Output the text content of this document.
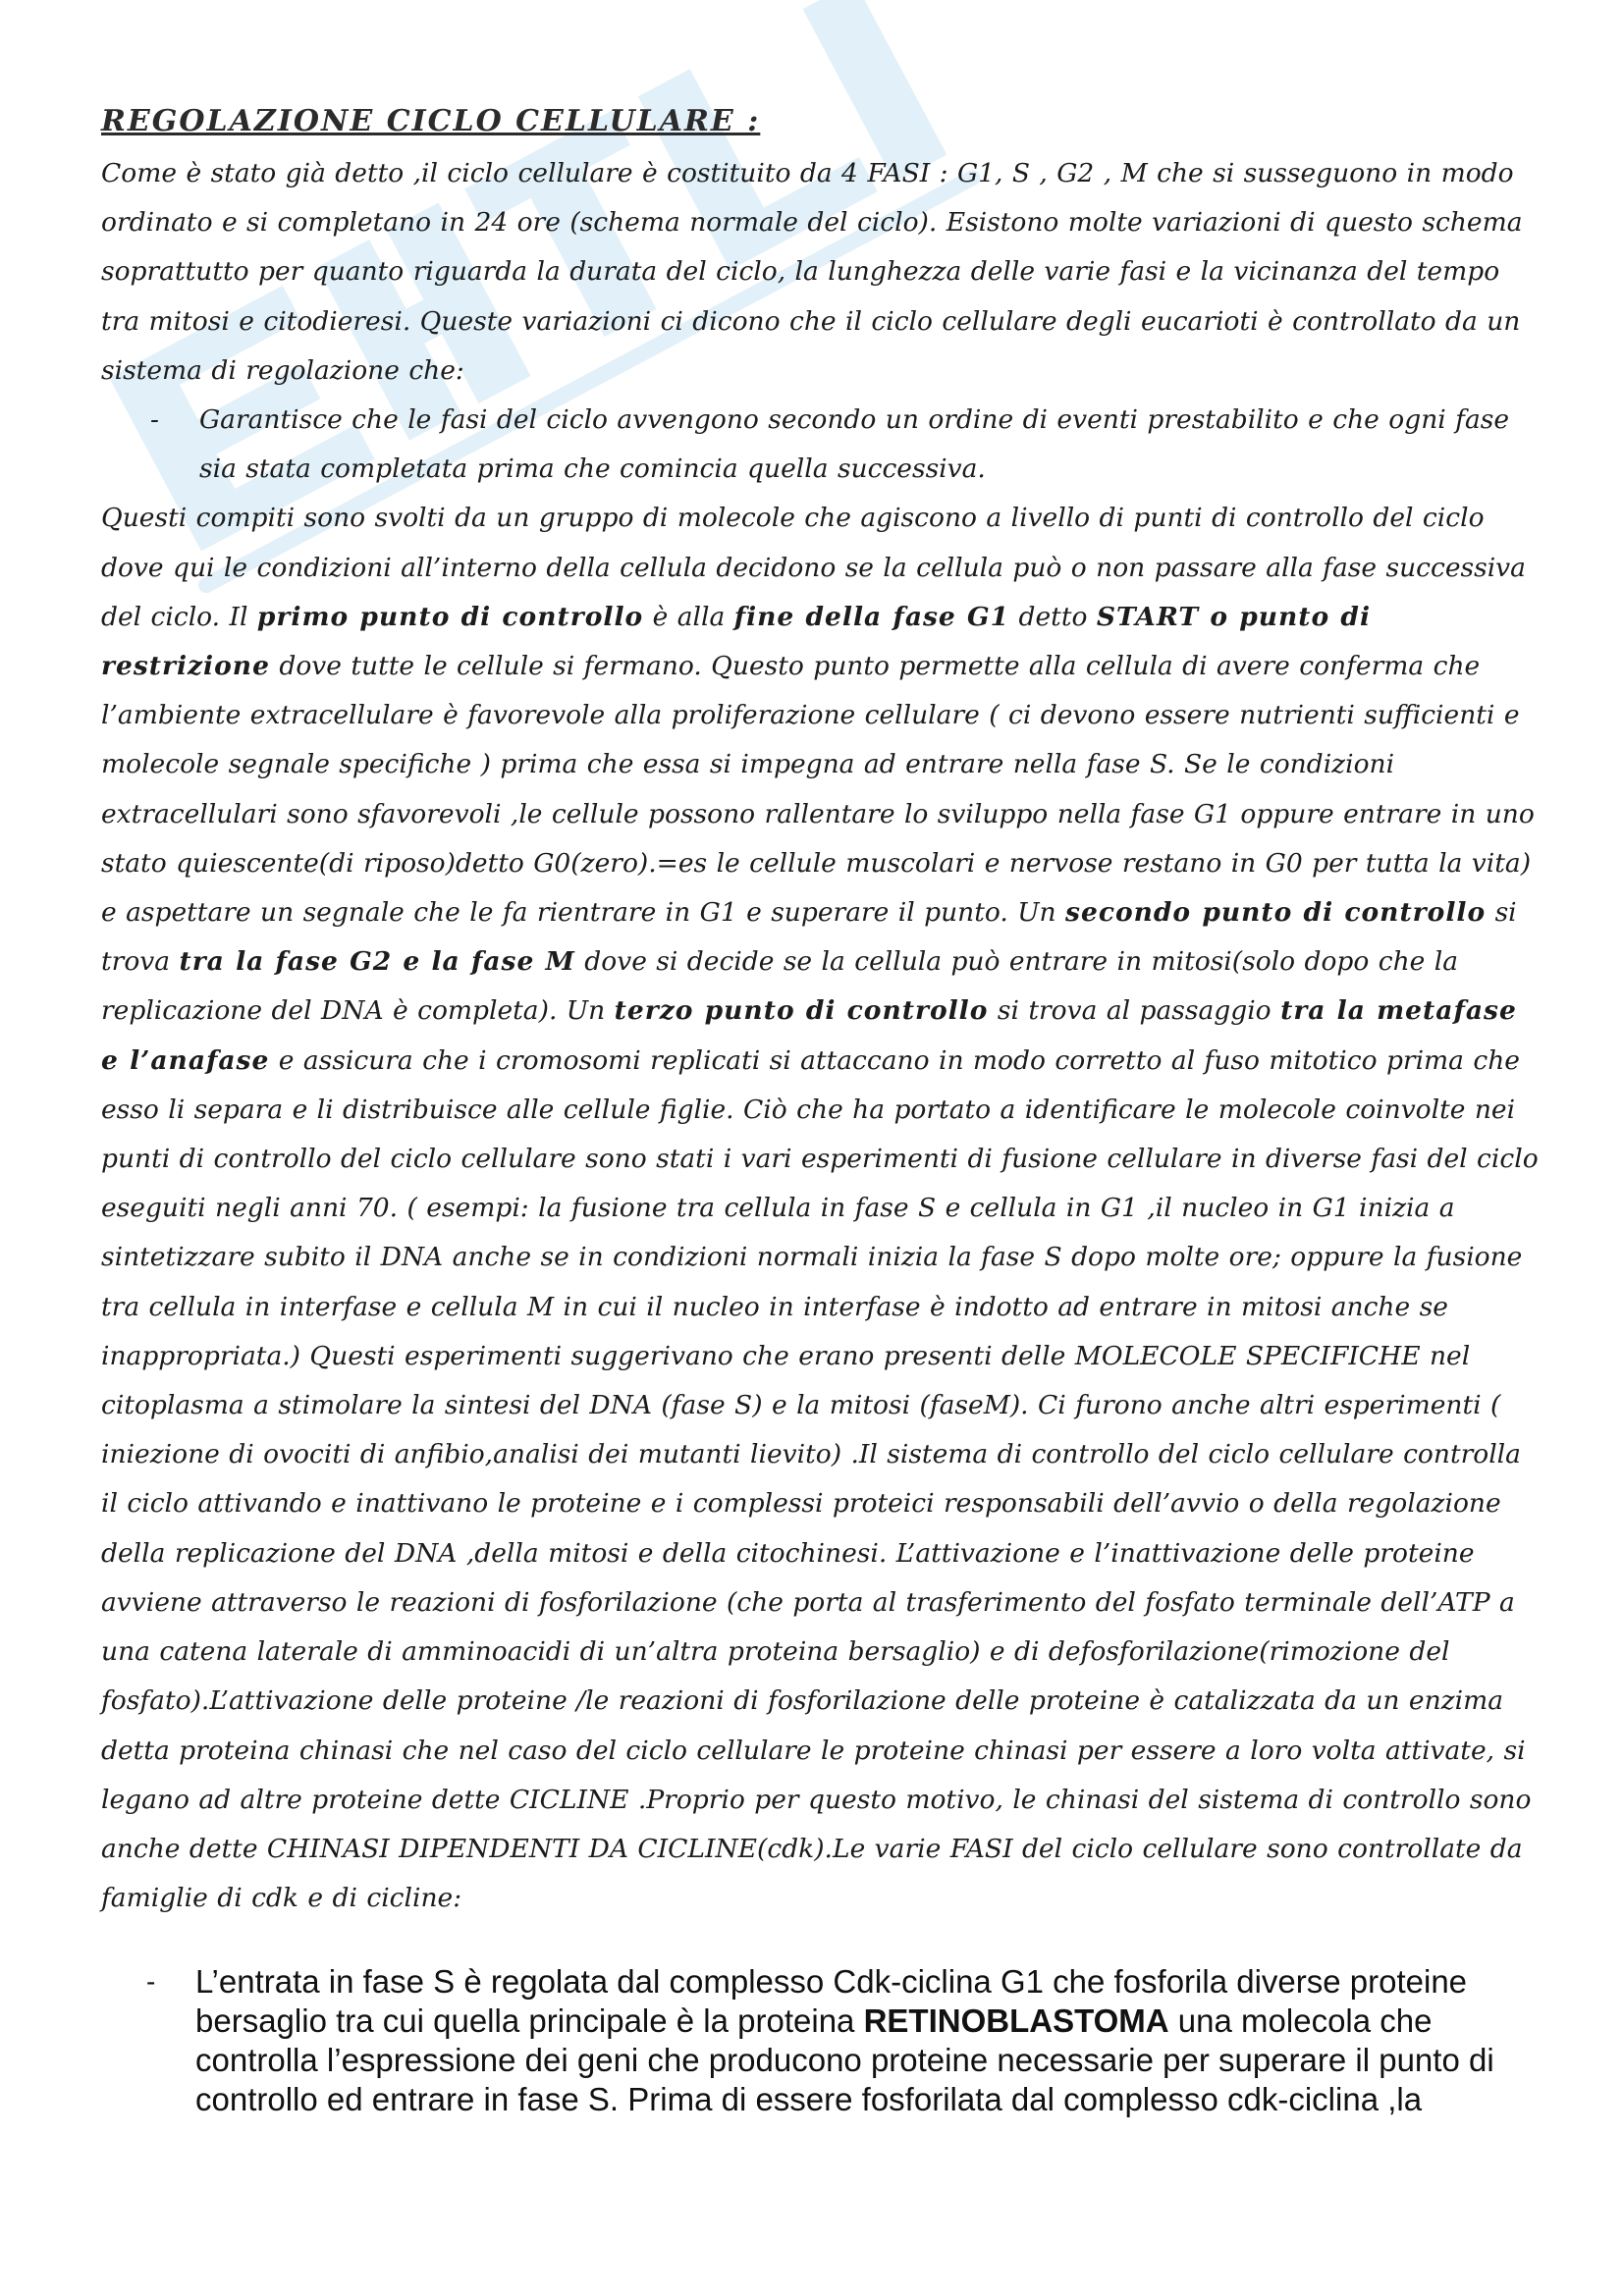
REGOLAZIONE CICLO CELLULARE :

Come è stato già detto ,il ciclo cellulare è costituito da 4 FASI : G1, S , G2 , M che si susseguono in modo ordinato e si completano in 24 ore (schema normale del ciclo). Esistono molte variazioni di questo schema soprattutto per quanto riguarda la durata del ciclo, la lunghezza delle varie fasi e la vicinanza del tempo tra mitosi e citodieresi. Queste variazioni ci dicono che il ciclo cellulare degli eucarioti è controllato da un sistema di regolazione che:

- Garantisce che le fasi del ciclo avvengono secondo un ordine di eventi prestabilito e che ogni fase sia stata completata prima che comincia quella successiva.

Questi compiti sono svolti da un gruppo di molecole che agiscono a livello di punti di controllo del ciclo dove qui le condizioni all’interno della cellula decidono se la cellula può o non passare alla fase successiva del ciclo. Il primo punto di controllo è alla fine della fase G1 detto START o punto di restrizione dove tutte le cellule si fermano. Questo punto permette alla cellula di avere conferma che l’ambiente extracellulare è favorevole alla proliferazione cellulare ( ci devono essere nutrienti sufficienti e molecole segnale specifiche ) prima che essa si impegna ad entrare nella fase S. Se le condizioni extracellulari sono sfavorevoli ,le cellule possono rallentare lo sviluppo nella fase G1 oppure entrare in uno stato quiescente(di riposo)detto G0(zero).=es le cellule muscolari e nervose restano in G0 per tutta la vita) e aspettare un segnale che le fa rientrare in G1 e superare il punto. Un secondo punto di controllo si trova tra la fase G2 e la fase M dove si decide se la cellula può entrare in mitosi(solo dopo che la replicazione del DNA è completa). Un terzo punto di controllo si trova al passaggio tra la metafase e l’anafase e assicura che i cromosomi replicati si attaccano in modo corretto al fuso mitotico prima che esso li separa e li distribuisce alle cellule figlie. Ciò che ha portato a identificare le molecole coinvolte nei punti di controllo del ciclo cellulare sono stati i vari esperimenti di fusione cellulare in diverse fasi del ciclo eseguiti negli anni 70. ( esempi: la fusione tra cellula in fase S e cellula in G1 ,il nucleo in G1 inizia a sintetizzare subito il DNA anche se in condizioni normali inizia la fase S dopo molte ore; oppure la fusione tra cellula in interfase e cellula M in cui il nucleo in interfase è indotto ad entrare in mitosi anche se inappropriata.) Questi esperimenti suggerivano che erano presenti delle MOLECOLE SPECIFICHE nel citoplasma a stimolare la sintesi del DNA (fase S) e la mitosi (faseM). Ci furono anche altri esperimenti ( iniezione di ovociti di anfibio,analisi dei mutanti lievito) .Il sistema di controllo del ciclo cellulare controlla il ciclo attivando e inattivano le proteine e i complessi proteici responsabili dell’avvio o della regolazione della replicazione del DNA ,della mitosi e della citochinesi. L’attivazione e l’inattivazione delle proteine avviene attraverso le reazioni di fosforilazione (che porta al trasferimento del fosfato terminale dell’ATP a una catena laterale di amminoacidi di un’altra proteina bersaglio) e di defosforilazione(rimozione del fosfato).L’attivazione delle proteine /le reazioni di fosforilazione delle proteine è catalizzata da un enzima detta proteina chinasi che nel caso del ciclo cellulare le proteine chinasi per essere a loro volta attivate, si legano ad altre proteine dette CICLINE .Proprio per questo motivo, le chinasi del sistema di controllo sono anche dette CHINASI DIPENDENTI DA CICLINE(cdk).Le varie FASI del ciclo cellulare sono controllate da famiglie di cdk e di cicline:

- L’entrata in fase S è regolata dal complesso Cdk-ciclina G1 che fosforila diverse proteine bersaglio tra cui quella principale è la proteina RETINOBLASTOMA una molecola che controlla l’espressione dei geni che producono proteine necessarie per superare il punto di controllo ed entrare in fase S. Prima di essere fosforilata dal complesso cdk-ciclina ,la
